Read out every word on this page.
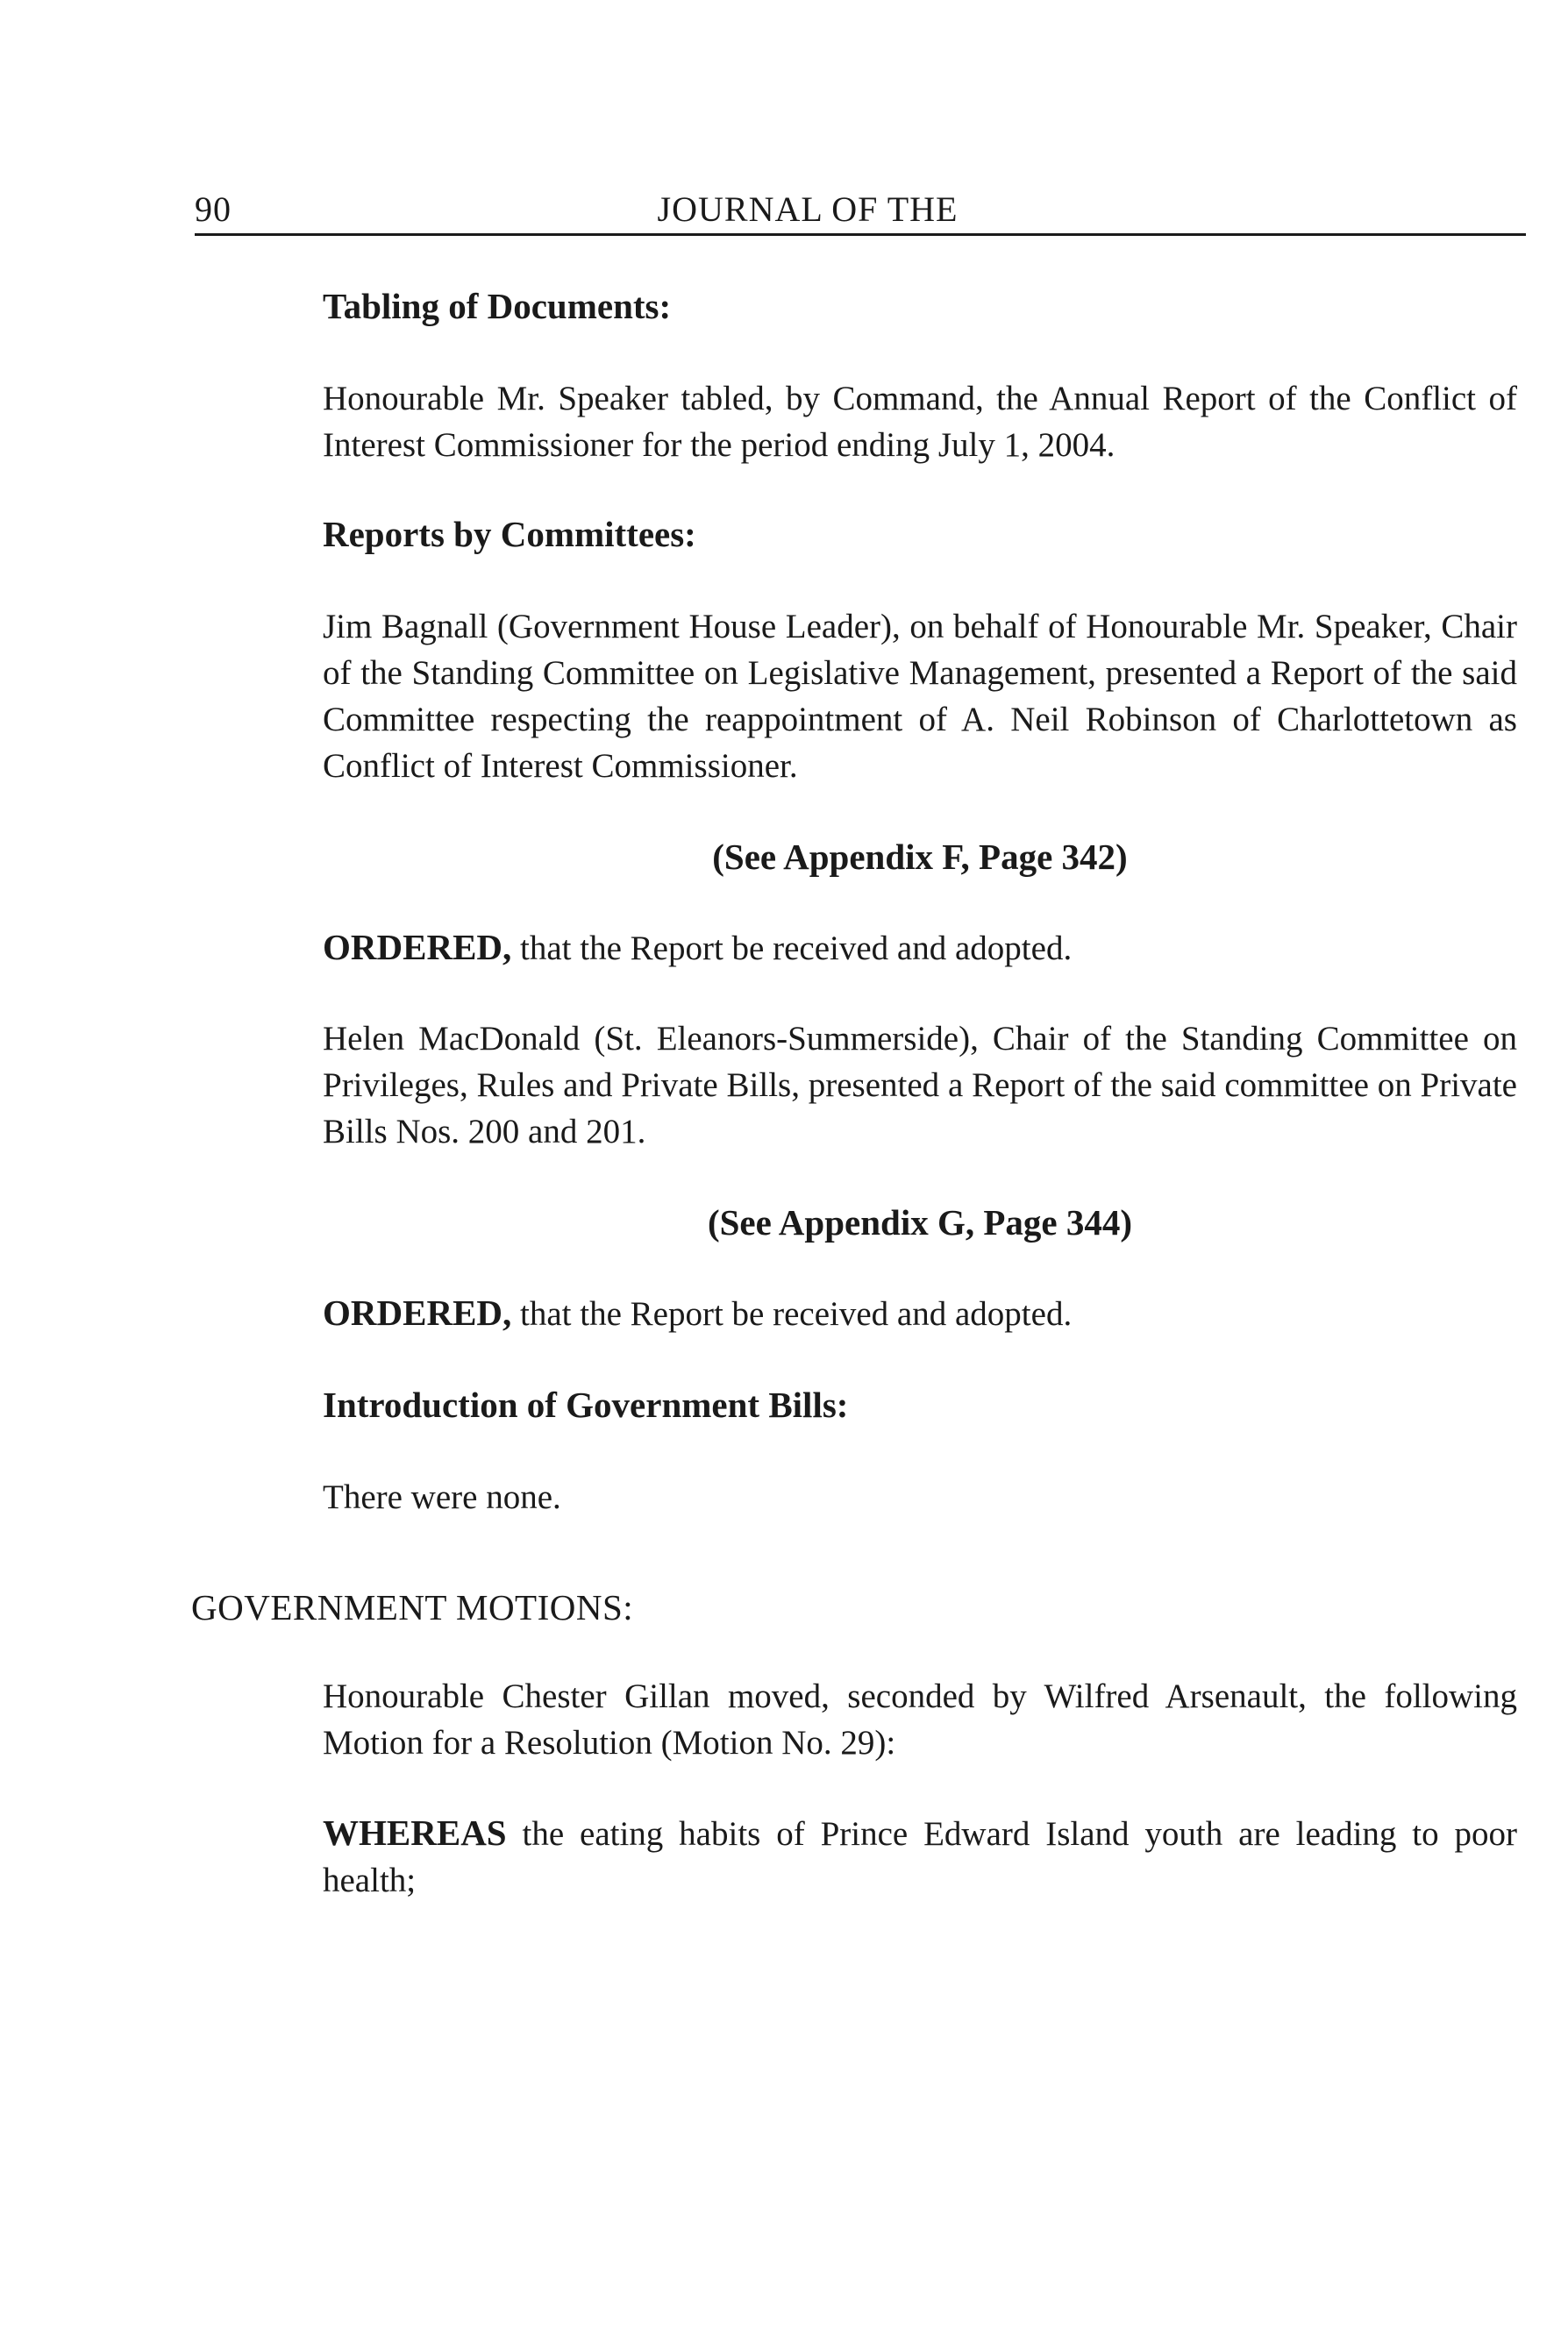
90	JOURNAL OF THE

Tabling of Documents:

Honourable Mr. Speaker tabled, by Command, the Annual Report of the Conflict of Interest Commissioner for the period ending July 1, 2004.

Reports by Committees:

Jim Bagnall (Government House Leader), on behalf of Honourable Mr. Speaker, Chair of the Standing Committee on Legislative Management, presented a Report of the said Committee respecting the reappointment of A. Neil Robinson of Charlottetown as Conflict of Interest Commissioner.

(See Appendix F, Page 342)

ORDERED, that the Report be received and adopted.

Helen MacDonald (St. Eleanors-Summerside), Chair of the Standing Committee on Privileges, Rules and Private Bills, presented a Report of the said committee on Private Bills Nos. 200 and 201.

(See Appendix G, Page 344)

ORDERED, that the Report be received and adopted.

Introduction of Government Bills:

There were none.

GOVERNMENT MOTIONS:

Honourable Chester Gillan moved, seconded by Wilfred Arsenault, the following Motion for a Resolution (Motion No. 29):

WHEREAS the eating habits of Prince Edward Island youth are leading to poor health;
